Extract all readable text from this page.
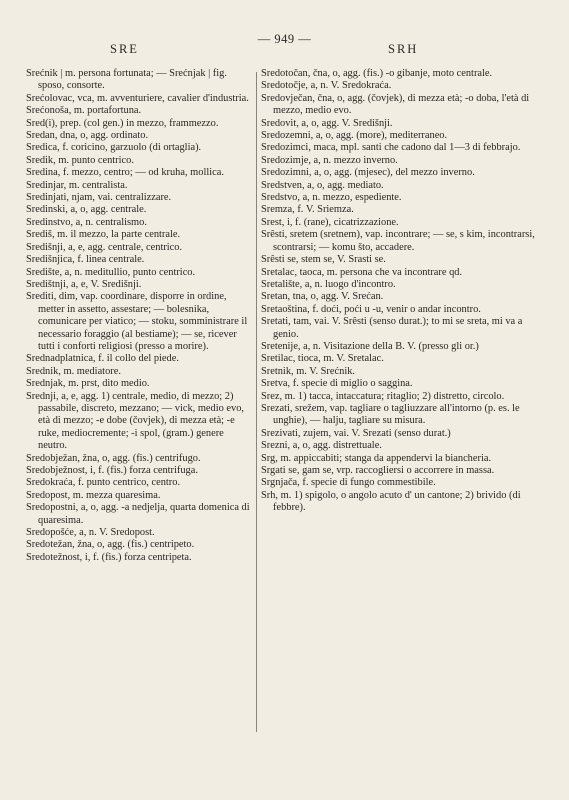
SRE
— 949 —
SRH

Srećnik | m. persona fortunata; — Srećnjak | fig. sposo, consorte.

Srećolovac, vca, m. avventuriere, cavalier d'industria.

Srećonoša, m. portafortuna.

Sred(i), prep. (col gen.) in mezzo, frammezzo.

Sredan, dna, o, agg. ordinato.

Sredica, f. coricino, garzuolo (di ortaglia).

Sredik, m. punto centrico.

Sredina, f. mezzo, centro; — od kruha, mollica.

Sredinjar, m. centralista.

Sredinjati, njam, vai. centralizzare.

Sredinski, a, o, agg. centrale.

Sredinstvo, a, n. centralismo.

Središ, m. il mezzo, la parte centrale.

Središnji, a, e, agg. centrale, centrico.

Središnjica, f. linea centrale.

Središte, a, n. meditullio, punto centrico.

Središtnji, a, e, V. Središnji.

Srediti, dim, vap. coordinare, disporre in ordine, metter in assetto, assestare; — bolesnika, comunicare per viatico; — stoku, somministrare il necessario foraggio (al bestiame); — se, ricever tutti i conforti religiosi (presso a morire).

Srednadplatnica, f. il collo del piede.

Srednik, m. mediatore.

Srednjak, m. prst, dito medio.

Srednji, a, e, agg. 1) centrale, medio, di mezzo; 2) passabile, discreto, mezzano; — vick, medio evo, età di mezzo; -e dobe (čovjek), di mezza età; -e ruke, mediocremente; -i spol, (gram.) genere neutro.

Sredobježan, žna, o, agg. (fis.) centrifugo.

Sredobježnost, i, f. (fis.) forza centrifuga.

Sredokraća, f. punto centrico, centro.

Sredopost, m. mezza quaresima.

Sredopostni, a, o, agg. -a nedjelja, quarta domenica di quaresima.

Sredopošće, a, n. V. Sredopost.

Sredotežan, žna, o, agg. (fis.) centripeto.

Sredotežnost, i, f. (fis.) forza centripeta.

Sredotočan, čna, o, agg. (fis.) -o gibanje, moto centrale.

Sredotočje, a, n. V. Sredokraća.

Sredovječan, čna, o, agg. (čovjek), di mezza età; -o doba, l'età di mezzo, medio evo.

Sredovit, a, o, agg. V. Središnji.

Sredozemni, a, o, agg. (more), mediterraneo.

Sredozimci, maca, mpl. santi che cadono dal 1—3 di febbrajo.

Sredozimje, a, n. mezzo inverno.

Sredozimni, a, o, agg. (mjesec), del mezzo inverno.

Sredstven, a, o, agg. mediato.

Sredstvo, a, n. mezzo, espediente.

Sremza, f. V. Sriemza.

Srest, i, f. (rane), cicatrizzazione.

Srêsti, sretem (sretnem), vap. incontrare; — se, s kim, incontrarsi, scontrarsi; — komu što, accadere.

Srêsti se, stem se, V. Srasti se.

Sretalac, taoca, m. persona che va incontrare qd.

Sretalište, a, n. luogo d'incontro.

Sretan, tna, o, agg. V. Srećan.

Sretaoština, f. doći, poći u -u, venir o andar incontro.

Sretati, tam, vai. V. Srêsti (senso durat.); to mi se sreta, mi va a genio.

Sretenije, a, n. Visitazione della B. V. (presso gli or.)

Sretilac, tioca, m. V. Sretalac.

Sretnik, m. V. Srećnik.

Sretva, f. specie di miglio o saggina.

Srez, m. 1) tacca, intaccatura; ritaglio; 2) distretto, circolo.

Srezati, srežem, vap. tagliare o tagliuzzare all'intorno (p. es. le unghie), — halju, tagliare su misura.

Srezivati, zujem, vai. V. Srezati (senso durat.)

Srezni, a, o, agg. distrettuale.

Srg, m. appiccabiti; stanga da appendervi la biancheria.

Srgati se, gam se, vrp. raccogliersi o accorrere in massa.

Srgnjača, f. specie di fungo commestibile.

Srh, m. 1) spigolo, o angolo acuto d' un cantone; 2) brivido (di febbre).
